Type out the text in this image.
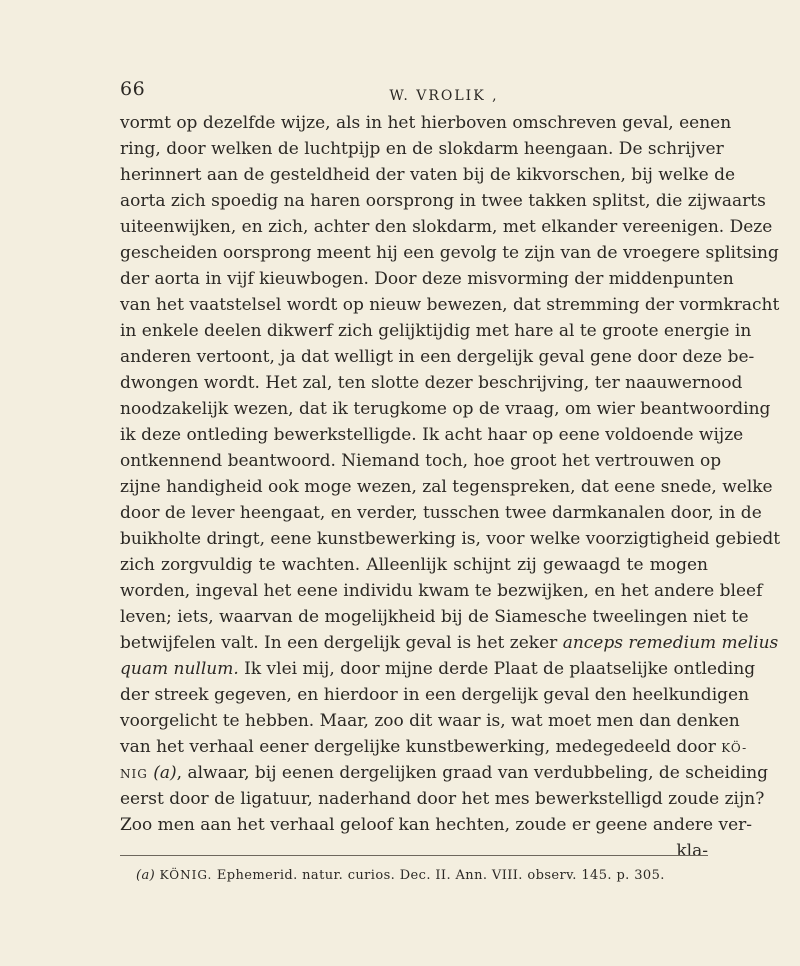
66	W. VROLIK ,
vormt op dezelfde wijze, als in het hierboven omschreven geval, eenen
ring, door welken de luchtpijp en de slokdarm heengaan. De schrijver
herinnert aan de gesteldheid der vaten bij de kikvorschen, bij welke de
aorta zich spoedig na haren oorsprong in twee takken splitst, die zijwaarts
uiteenwijken, en zich, achter den slokdarm, met elkander vereenigen. Deze
gescheiden oorsprong meent hij een gevolg te zijn van de vroegere splitsing
der aorta in vijf kieuwbogen. Door deze misvorming der middenpunten
van het vaatstelsel wordt op nieuw bewezen, dat stremming der vormkracht
in enkele deelen dikwerf zich gelijktijdig met hare al te groote energie in
anderen vertoont, ja dat welligt in een dergelijk geval gene door deze be-
dwongen wordt. Het zal, ten slotte dezer beschrijving, ter naauwernood
noodzakelijk wezen, dat ik terugkome op de vraag, om wier beantwoording
ik deze ontleding bewerkstelligde. Ik acht haar op eene voldoende wijze
ontkennend beantwoord. Niemand toch, hoe groot het vertrouwen op
zijne handigheid ook moge wezen, zal tegenspreken, dat eene snede, welke
door de lever heengaat, en verder, tusschen twee darmkanalen door, in de
buikholte dringt, eene kunstbewerking is, voor welke voorzigtigheid gebiedt
zich zorgvuldig te wachten. Alleenlijk schijnt zij gewaagd te mogen
worden, ingeval het eene individu kwam te bezwijken, en het andere bleef
leven; iets, waarvan de mogelijkheid bij de Siamesche tweelingen niet te
betwijfelen valt. In een dergelijk geval is het zeker anceps remedium melius
quam nullum. Ik vlei mij, door mijne derde Plaat de plaatselijke ontleding
der streek gegeven, en hierdoor in een dergelijk geval den heelkundigen
voorgelicht te hebben. Maar, zoo dit waar is, wat moet men dan denken
van het verhaal eener dergelijke kunstbewerking, medegedeeld door KÖ-
NIG (a), alwaar, bij eenen dergelijken graad van verdubbeling, de scheiding
eerst door de ligatuur, naderhand door het mes bewerkstelligd zoude zijn?
Zoo men aan het verhaal geloof kan hechten, zoude er geene andere ver-
kla-
(a) KÖNIG. Ephemerid. natur. curios. Dec. II. Ann. VIII. observ. 145. p. 305.
